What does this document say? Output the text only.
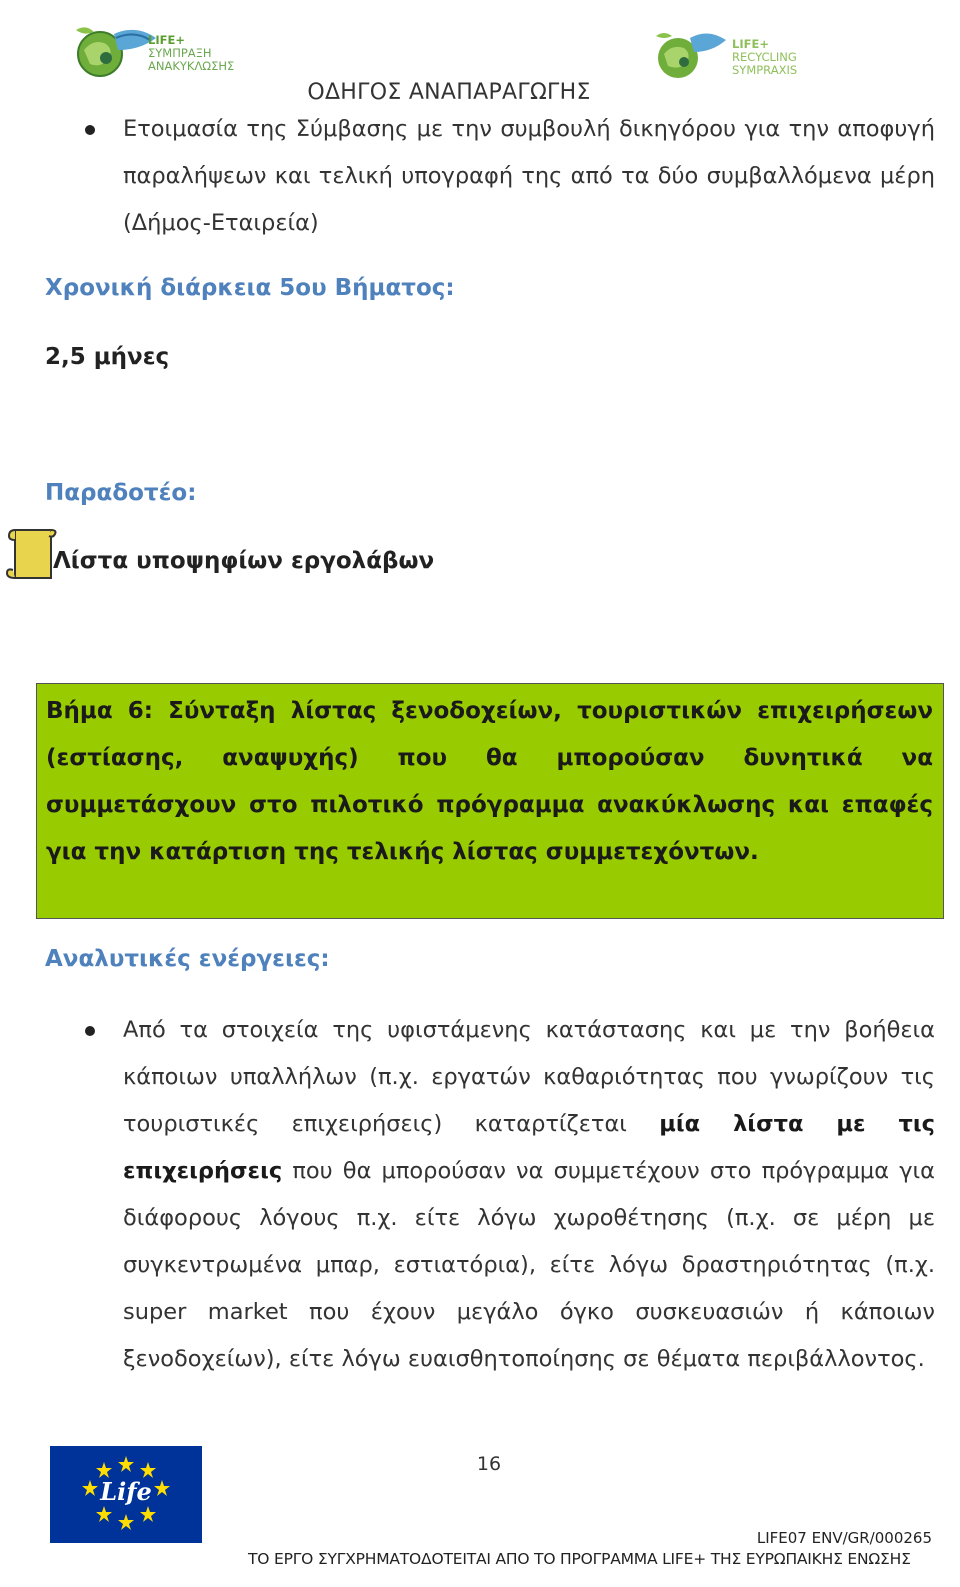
LIFE+
ΣΥΜΠΡΑΞΗ
ΑΝΑΚΥΚΛΩΣΗΣ
LIFE+
RECYCLING
SYMPRAXIS
ΟΔΗΓΟΣ ΑΝΑΠΑΡΑΓΩΓΗΣ
Ετοιμασία της Σύμβασης με την συμβουλή δικηγόρου για την αποφυγή παραλήψεων και τελική υπογραφή της από τα δύο συμβαλλόμενα μέρη (Δήμος-Εταιρεία)
Χρονική διάρκεια 5ου Βήματος:
2,5 μήνες
Παραδοτέο:
Λίστα υποψηφίων εργολάβων

Βήμα 6: Σύνταξη λίστας ξενοδοχείων, τουριστικών επιχειρήσεων (εστίασης, αναψυχής) που θα μπορούσαν δυνητικά να συμμετάσχουν στο πιλοτικό πρόγραμμα ανακύκλωσης και επαφές για την κατάρτιση της τελικής λίστας συμμετεχόντων.

Αναλυτικές ενέργειες:
Από τα στοιχεία της υφιστάμενης κατάστασης και με την βοήθεια κάποιων υπαλλήλων (π.χ. εργατών καθαριότητας που γνωρίζουν τις τουριστικές επιχειρήσεις) καταρτίζεται μία λίστα με τις επιχειρήσεις που θα μπορούσαν να συμμετέχουν στο πρόγραμμα για διάφορους λόγους π.χ. είτε λόγω χωροθέτησης (π.χ. σε μέρη με συγκεντρωμένα μπαρ, εστιατόρια), είτε λόγω δραστηριότητας (π.χ. super market που έχουν μεγάλο όγκο συσκευασιών ή κάποιων ξενοδοχείων), είτε λόγω ευαισθητοποίησης σε θέματα περιβάλλοντος.
Life
16
LIFE07 ENV/GR/000265
ΤΟ ΕΡΓΟ ΣΥΓΧΡΗΜΑΤΟΔΟΤΕΙΤΑΙ ΑΠΟ ΤΟ ΠΡΟΓΡΑΜΜΑ LIFE+ ΤΗΣ ΕΥΡΩΠΑΙΚΗΣ ΕΝΩΣΗΣ
